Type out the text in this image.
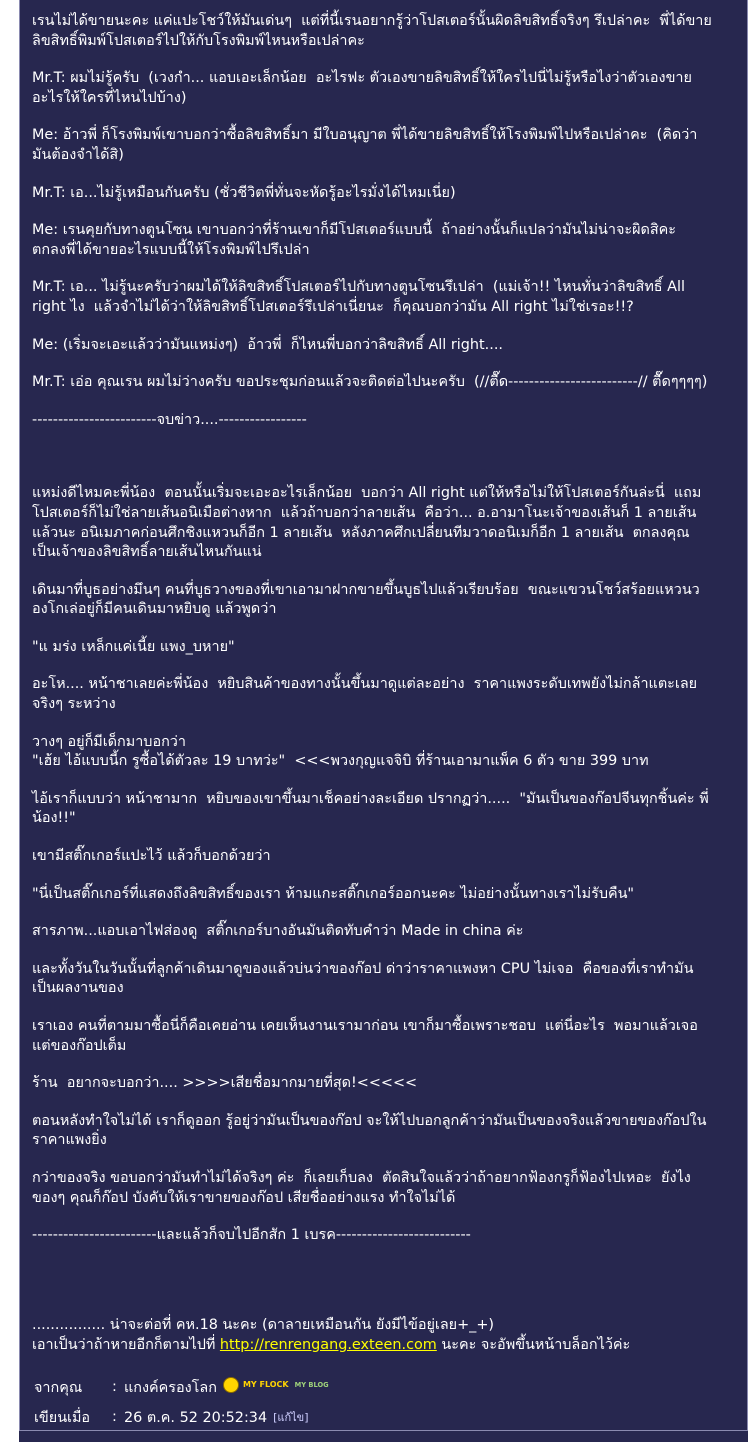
เรนไม่ได้ขายนะคะ แค่แปะโชว์ให้มันเด่นๆ  แต่ที่นี้เรนอยากรู้ว่าโปสเตอร์นั้นผิดลิขสิทธิ์จริงๆ รึเปล่าคะ  พี่ได้ขายลิขสิทธิ์พิมพ์โปสเตอร์ไปให้กับโรงพิมพ์ไหนหรือเปล่าคะ

Mr.T: ผมไม่รู้ครับ  (เวงกำ... แอบเอะเล็กน้อย  อะไรฟะ ตัวเองขายลิขสิทธิ์ให้ใครไปนี่ไม่รู้หรือไงว่าตัวเองขายอะไรให้ใครที่ไหนไปบ้าง)

Me: อ้าวพี่ ก็โรงพิมพ์เขาบอกว่าซื้อลิขสิทธิ์มา มีใบอนุญาต พี่ได้ขายลิขสิทธิ์ให้โรงพิมพ์ไปหรือเปล่าคะ  (คิดว่ามันต้องจำได้สิ)

Mr.T: เอ...ไม่รู้เหมือนกันครับ (ชั่วชีวิตพี่ทั่นจะหัดรู้อะไรมั่งได้ไหมเนี่ย)

Me: เรนคุยกับทางตูนโซน เขาบอกว่าที่ร้านเขาก็มีโปสเตอร์แบบนี้  ถ้าอย่างนั้นก็แปลว่ามันไม่น่าจะผิดสิคะ ตกลงพี่ได้ขายอะไรแบบนี้ให้โรงพิมพ์ไปรึเปล่า

Mr.T: เอ... ไม่รู้นะครับว่าผมได้ให้ลิขสิทธิ์โปสเตอร์ไปกับทางตูนโซนรึเปล่า  (แม่เจ้า!! ไหนทั่นว่าลิขสิทธิ์ All right ไง  แล้วจำไม่ได้ว่าให้ลิขสิทธิ์โปสเตอร์รึเปล่าเนี่ยนะ  ก็คุณบอกว่ามัน All right ไม่ใช่เรอะ!!?

Me: (เริ่มจะเอะแล้วว่ามันแหม่งๆ)  อ้าวพี่  ก็ไหนพี่บอกว่าลิขสิทธิ์ All right....

Mr.T: เอ่อ คุณเรน ผมไม่ว่างครับ ขอประชุมก่อนแล้วจะติดต่อไปนะครับ  (//ตื๊ด-------------------------// ตื๊ดๆๆๆๆ)

------------------------จบข่าว....-----------------

แหม่งดีไหมคะพี่น้อง  ตอนนั้นเริ่มจะเอะอะไรเล็กน้อย  บอกว่า All right แต่ให้หรือไม่ให้โปสเตอร์กันล่ะนี่  แถมโปสเตอร์ก็ไม่ใช่ลายเส้นอนิเมือต่างหาก  แล้วถ้าบอกว่าลายเส้น  คือว่า... อ.อามาโนะเจ้าของเส้นก็ 1 ลายเส้นแล้วนะ อนิเมภาคก่อนศึกชิงแหวนก็อีก 1 ลายเส้น  หลังภาคศึกเปลี่ยนทีมวาดอนิเมก็อีก 1 ลายเส้น  ตกลงคุณเป็นเจ้าของลิขสิทธิ์ลายเส้นไหนกันแน่

เดินมาที่บูธอย่างมึนๆ คนที่บูธวางของที่เขาเอามาฝากขายขึ้นบูธไปแล้วเรียบร้อย  ขณะแขวนโชว์สร้อยแหวนวองโกเล่อยู่ก็มีคนเดินมาหยิบดู แล้วพูดว่า

"แ มร่ง เหล็กแค่เนี้ย แพง_บหาย"

อะโห.... หน้าชาเลยค่ะพี่น้อง  หยิบสินค้าของทางนั้นขึ้นมาดูแต่ละอย่าง  ราคาแพงระดับเทพยังไม่กล้าแตะเลยจริงๆ ระหว่าง

วางๆ อยู่ก็มีเด็กมาบอกว่า
"เฮ้ย ไอ้แบบนี้ก รูซื้อได้ตัวละ 19 บาทว่ะ"  <<<พวงกุญแจจิบิ ที่ร้านเอามาแพ็ค 6 ตัว ขาย 399 บาท

ไอ้เราก็แบบว่า หน้าชามาก  หยิบของเขาขึ้นมาเช็คอย่างละเอียด ปรากฏว่า.....  "มันเป็นของก๊อปจีนทุกชิ้นค่ะ พี่น้อง!!"

เขามีสติ๊กเกอร์แปะไว้ แล้วก็บอกด้วยว่า

"นี่เป็นสติ๊กเกอร์ที่แสดงถึงลิขสิทธิ์ของเรา ห้ามแกะสติ๊กเกอร์ออกนะคะ ไม่อย่างนั้นทางเราไม่รับคืน"

สารภาพ...แอบเอาไฟส่องดู  สติ๊กเกอร์บางอันมันติดทับคำว่า Made in china ค่ะ

และทั้งวันในวันนั้นที่ลูกค้าเดินมาดูของแล้วบ่นว่าของก๊อป ด่าว่าราคาแพงหา CPU ไม่เจอ  คือของที่เราทำมันเป็นผลงานของ

เราเอง คนที่ตามมาซื้อนี่ก็คือเคยอ่าน เคยเห็นงานเรามาก่อน เขาก็มาซื้อเพราะชอบ  แต่นี่อะไร  พอมาแล้วเจอแต่ของก๊อปเต็ม

ร้าน  อยากจะบอกว่า.... >>>>เสียชื่อมากมายที่สุด!<<<<<

ตอนหลังทำใจไม่ได้ เราก็ดูออก รู้อยู่ว่ามันเป็นของก๊อป จะให้ไปบอกลูกค้าว่ามันเป็นของจริงแล้วขายของก๊อปในราคาแพงยิ่ง

กว่าของจริง ขอบอกว่ามันทำไม่ได้จริงๆ ค่ะ  ก็เลยเก็บลง  ตัดสินใจแล้วว่าถ้าอยากฟ้องกรูก็ฟ้องไปเหอะ  ยังไงของๆ คุณก็ก๊อป บังคับให้เราขายของก๊อป เสียชื่ออย่างแรง ทำใจไม่ได้

------------------------และแล้วก็จบไปอีกสัก 1 เบรค--------------------------

................ น่าจะต่อที่ คห.18 นะคะ (ดาลายเหมือนกัน ยังมีไข้อยู่เลย+_+)
เอาเป็นว่าถ้าหายอีกก็ตามไปที่ http://renrengang.exteen.com นะคะ จะอัพขึ้นหน้าบล็อกไว้ค่ะ
จากคุณ	: แกงค์ครองโลก	MY FLOCK MY BLOG
เขียนเมื่อ	: 26 ต.ค. 52 20:52:34 [แก้ไข]
